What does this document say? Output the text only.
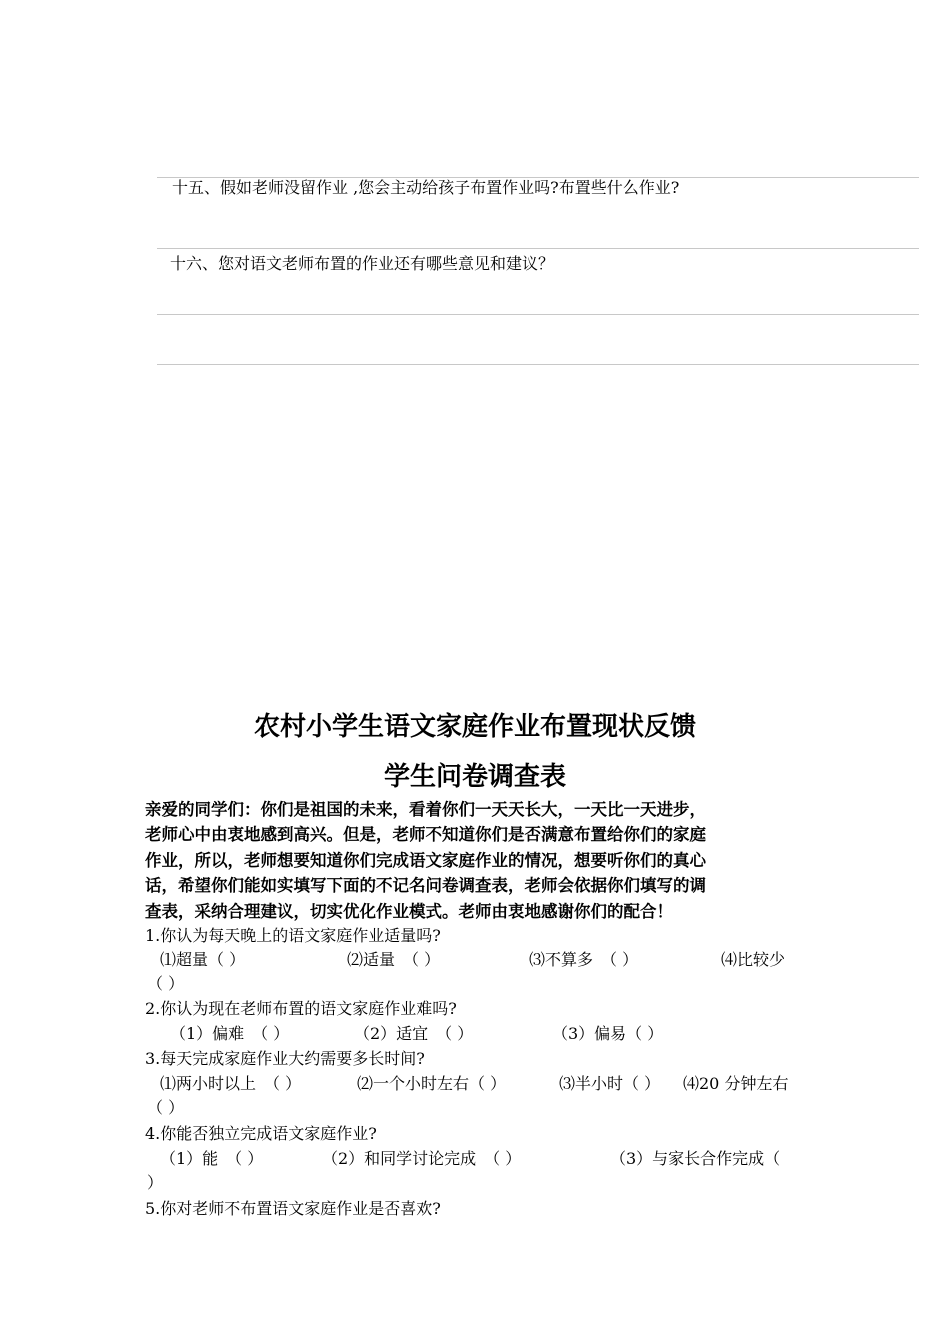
十五、假如老师没留作业 ,您会主动给孩子布置作业吗?布置些什么作业?
十六、您对语文老师布置的作业还有哪些意见和建议？
农村小学生语文家庭作业布置现状反馈
学生问卷调查表
亲爱的同学们：你们是祖国的未来，看着你们一天天长大，一天比一天进步，
老师心中由衷地感到高兴。但是，老师不知道你们是否满意布置给你们的家庭
作业，所以，老师想要知道你们完成语文家庭作业的情况，想要听你们的真心
话，希望你们能如实填写下面的不记名问卷调查表，老师会依据你们填写的调
查表，采纳合理建议，切实优化作业模式。老师由衷地感谢你们的配合！
1.你认为每天晚上的语文家庭作业适量吗?
⑴超量（ ）	⑵适量　（ ）	⑶不算多　（ ）	⑷比较少
（ ）
2.你认为现在老师布置的语文家庭作业难吗?
（1）偏难　（ ）	（2）适宜　（ ）	（3）偏易（ ）
3.每天完成家庭作业大约需要多长时间?
⑴两小时以上　（ ）	⑵一个小时左右（ ）	⑶半小时（ ） ⑷20 分钟左右
（ ）
4.你能否独立完成语文家庭作业?
（1）能　（ ）	（2）和同学讨论完成　（ ）	（3）与家长合作完成（
）
5.你对老师不布置语文家庭作业是否喜欢?
